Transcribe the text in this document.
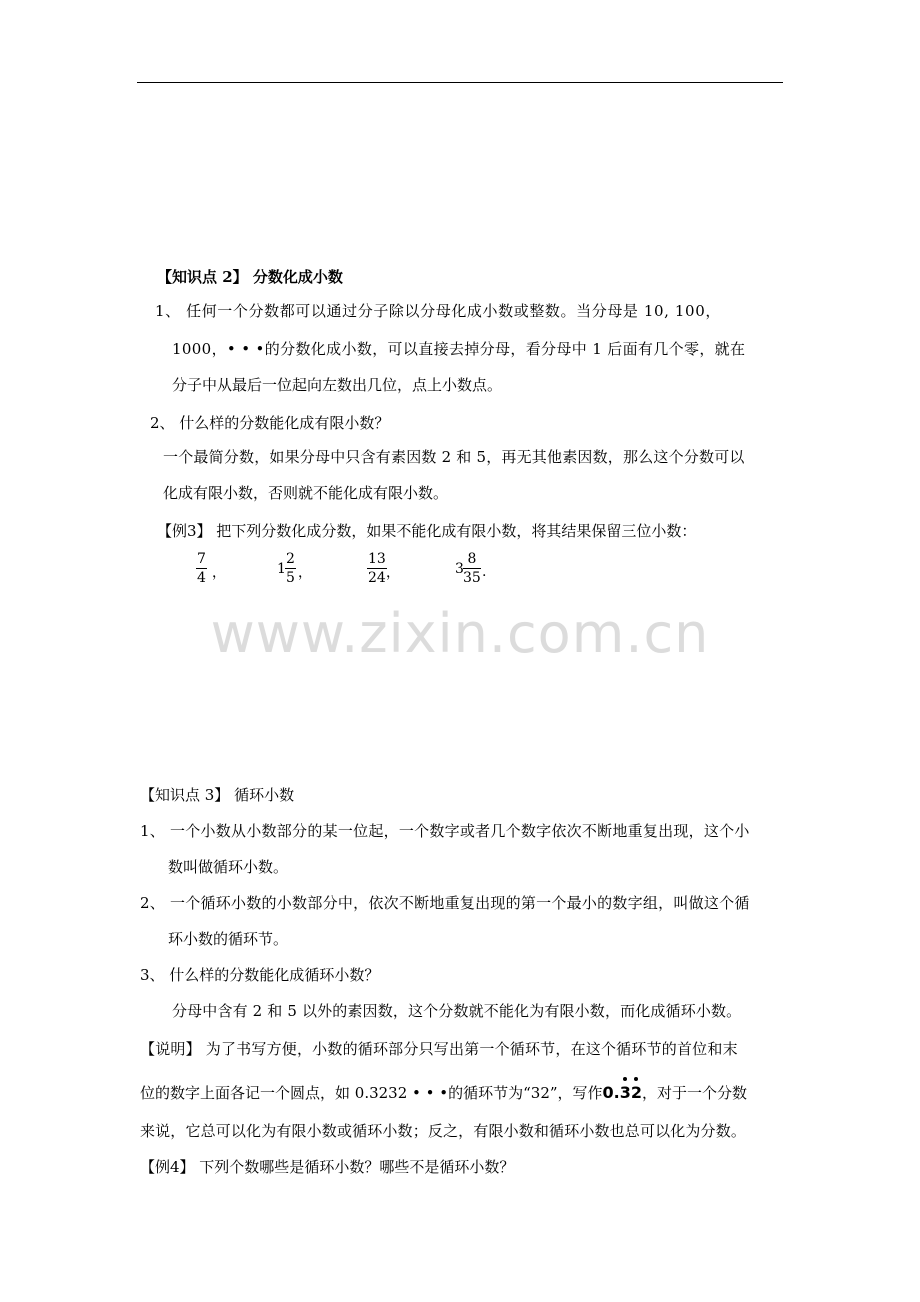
【知识点 2】 分数化成小数
1、 任何一个分数都可以通过分子除以分母化成小数或整数。当分母是 10, 100，
1000，• • •的分数化成小数，可以直接去掉分母，看分母中 1 后面有几个零，就在
分子中从最后一位起向左数出几位，点上小数点。
2、 什么样的分数能化成有限小数？
一个最简分数，如果分母中只含有素因数 2 和 5，再无其他素因数，那么这个分数可以
化成有限小数，否则就不能化成有限小数。
【例3】 把下列分数化成分数，如果不能化成有限小数，将其结果保留三位小数：
$\frac{7}{4}$ ，	$1 \frac{2}{5}$ ，	$\frac{13}{24}$ ，	$3 \frac{8}{35}$ .
www.zixin.com.cn
【知识点 3】 循环小数
1、 一个小数从小数部分的某一位起，一个数字或者几个数字依次不断地重复出现，这个小
数叫做循环小数。
2、 一个循环小数的小数部分中，依次不断地重复出现的第一个最小的数字组，叫做这个循
环小数的循环节。
3、 什么样的分数能化成循环小数？
分母中含有 2 和 5 以外的素因数，这个分数就不能化为有限小数，而化成循环小数。
【说明】 为了书写方便，小数的循环部分只写出第一个循环节，在这个循环节的首位和末
位的数字上面各记一个圆点，如 0.3232 • • •的循环节为“32”，写作0.32，对于一个分数
来说，它总可以化为有限小数或循环小数；反之，有限小数和循环小数也总可以化为分数。
【例4】 下列个数哪些是循环小数？哪些不是循环小数？
